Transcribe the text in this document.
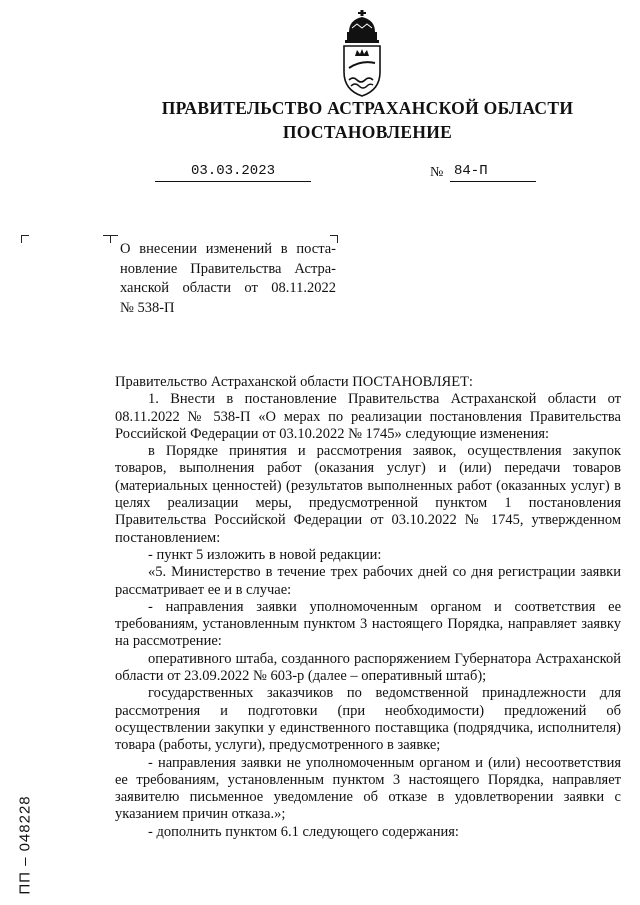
ПРАВИТЕЛЬСТВО АСТРАХАНСКОЙ ОБЛАСТИ
ПОСТАНОВЛЕНИЕ
03.03.2023	№ 84-П

О внесении изменений в поста-

новление Правительства Астра-

ханской области от 08.11.2022

№ 538-П

Правительство Астраханской области ПОСТАНОВЛЯЕТ:

1. Внести в постановление Правительства Астраханской области от 08.11.2022 № 538-П «О мерах по реализации постановления Правительства Российской Федерации от 03.10.2022 № 1745» следующие изменения:

в Порядке принятия и рассмотрения заявок, осуществления закупок товаров, выполнения работ (оказания услуг) и (или) передачи товаров (материальных ценностей) (результатов выполненных работ (оказанных услуг) в целях реализации меры, предусмотренной пунктом 1 постановления Правительства Российской Федерации от 03.10.2022 № 1745, утвержденном постановлением:

- пункт 5 изложить в новой редакции:

«5. Министерство в течение трех рабочих дней со дня регистрации заявки рассматривает ее и в случае:

- направления заявки уполномоченным органом и соответствия ее требованиям, установленным пунктом 3 настоящего Порядка, направляет заявку на рассмотрение:

оперативного штаба, созданного распоряжением Губернатора Астраханской области от 23.09.2022 № 603-р (далее – оперативный штаб);

государственных заказчиков по ведомственной принадлежности для рассмотрения и подготовки (при необходимости) предложений об осуществлении закупки у единственного поставщика (подрядчика, исполнителя) товара (работы, услуги), предусмотренного в заявке;

- направления заявки не уполномоченным органом и (или) несоответствия ее требованиям, установленным пунктом 3 настоящего Порядка, направляет заявителю письменное уведомление об отказе в удовлетворении заявки с указанием причин отказа.»;

- дополнить пунктом 6.1 следующего содержания:

ПП – 048228
